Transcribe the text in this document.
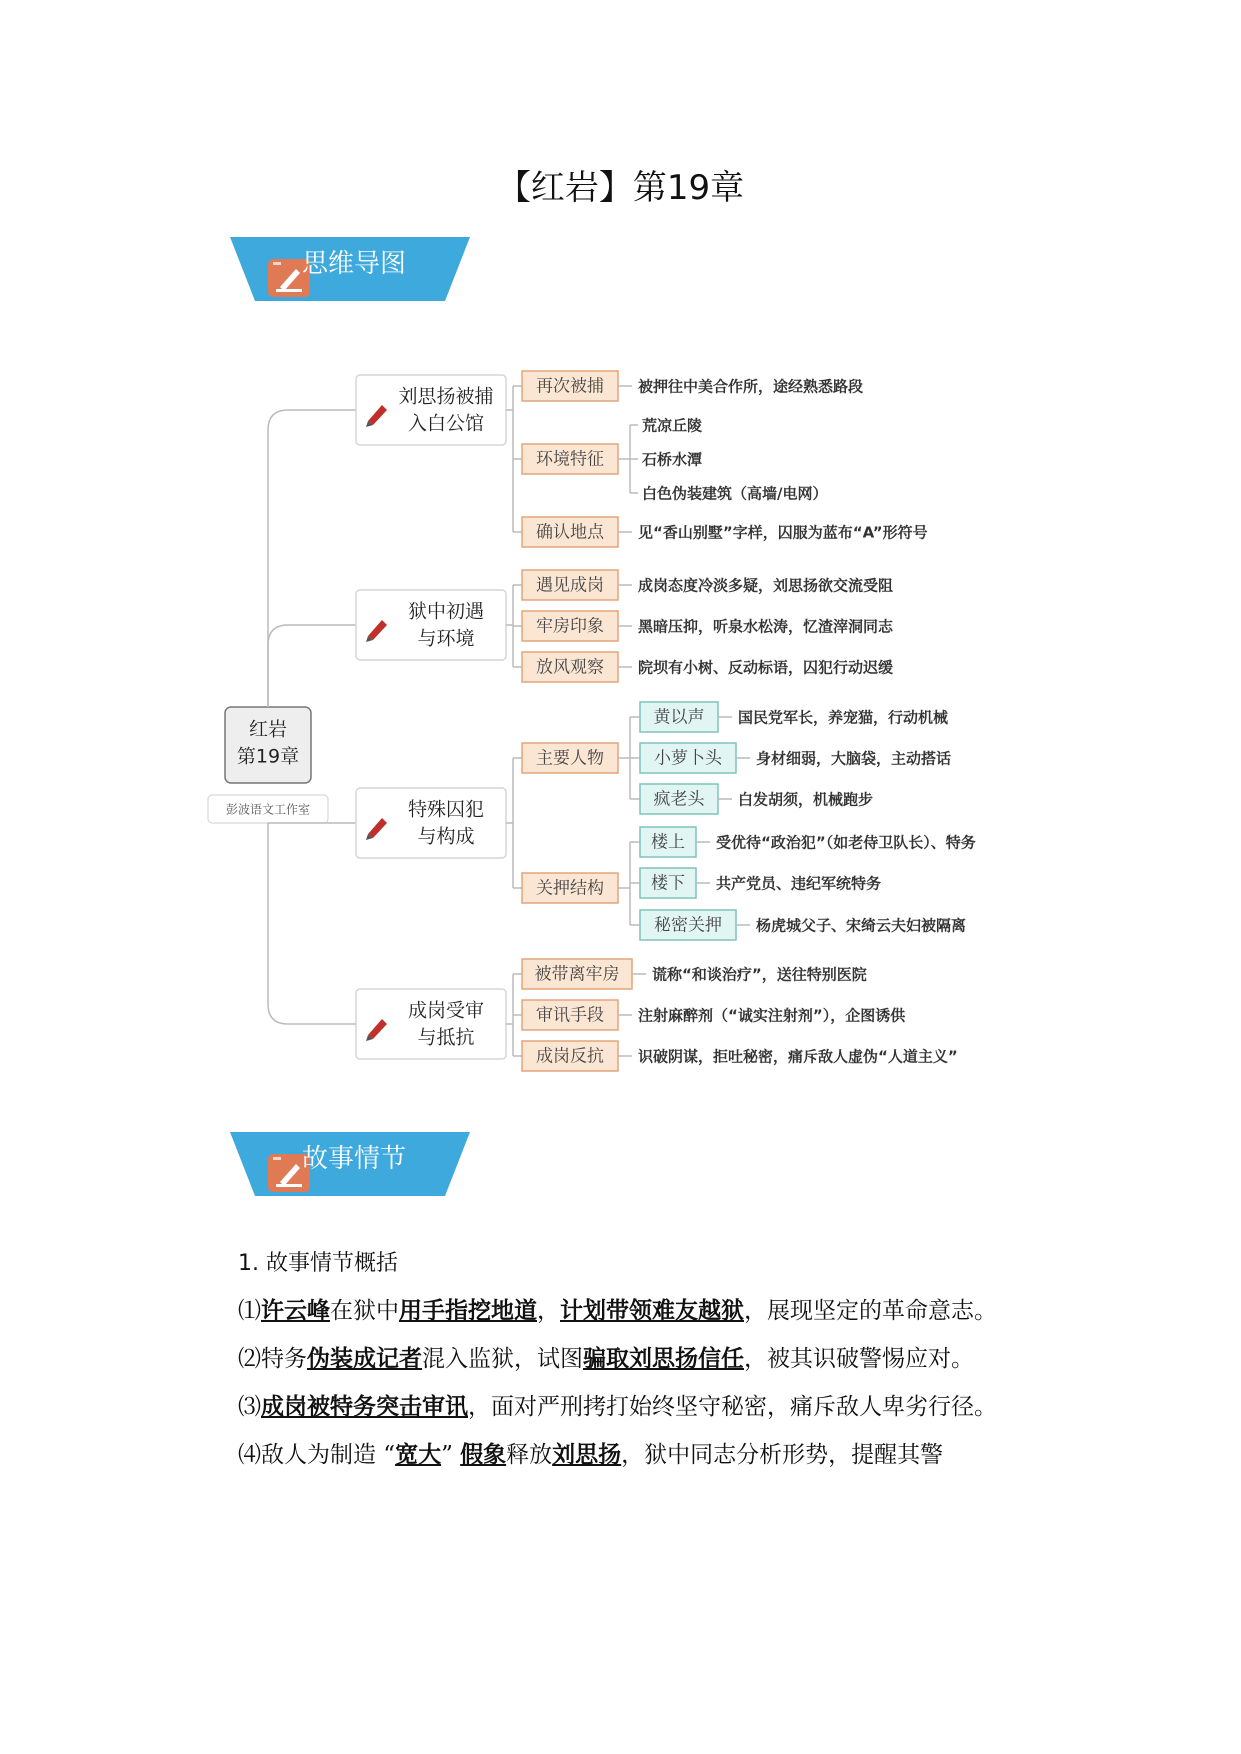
【红岩】第19章
思维导图
红岩
第19章
彭波语文工作室
刘思扬被捕
入白公馆
再次被捕 被押往中美合作所，途经熟悉路段
环境特征
荒凉丘陵
石桥水潭
白色伪装建筑（高墙/电网）
确认地点 见“香山别墅”字样，囚服为蓝布“A”形符号
狱中初遇
与环境
遇见成岗 成岗态度冷淡多疑，刘思扬欲交流受阻
牢房印象 黑暗压抑，听泉水松涛，忆渣滓洞同志
放风观察 院坝有小树、反动标语，囚犯行动迟缓
特殊囚犯
与构成
主要人物
黄以声 国民党军长，养宠猫，行动机械
小萝卜头 身材细弱，大脑袋，主动搭话
疯老头 白发胡须，机械跑步
关押结构
楼上 受优待“政治犯”（如老侍卫队长）、特务
楼下 共产党员、违纪军统特务
秘密关押 杨虎城父子、宋绮云夫妇被隔离
成岗受审
与抵抗
被带离牢房 谎称“和谈治疗”，送往特别医院
审讯手段 注射麻醉剂（“诚实注射剂”），企图诱供
成岗反抗 识破阴谋，拒吐秘密，痛斥敌人虚伪“人道主义”
故事情节

1. 故事情节概括

⑴许云峰在狱中用手指挖地道，计划带领难友越狱，展现坚定的革命意志。

⑵特务伪装成记者混入监狱，试图骗取刘思扬信任，被其识破警惕应对。

⑶成岗被特务突击审讯，面对严刑拷打始终坚守秘密，痛斥敌人卑劣行径。

⑷敌人为制造 “宽大” 假象释放刘思扬，狱中同志分析形势，提醒其警
